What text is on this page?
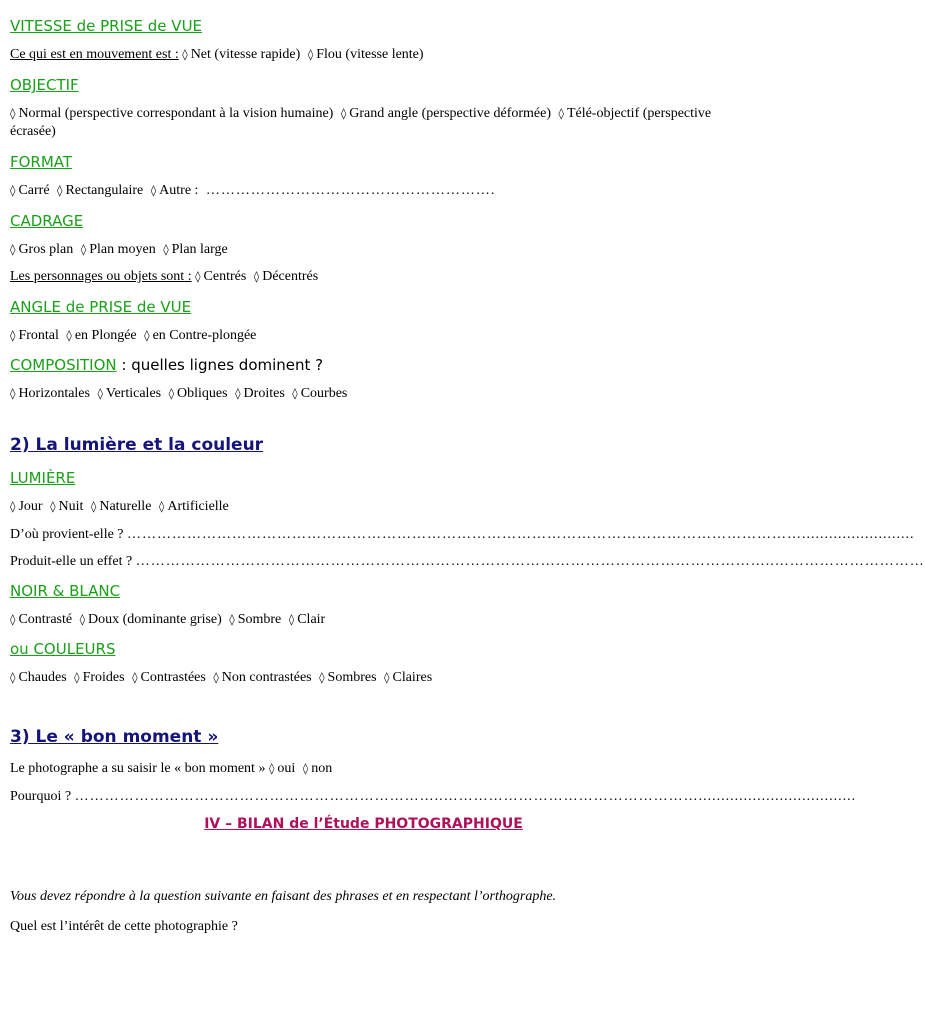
VITESSE de PRISE de VUE
Ce qui est en mouvement est : ◊ Net (vitesse rapide) ◊ Flou (vitesse lente)
OBJECTIF
◊ Normal (perspective correspondant à la vision humaine) ◊ Grand angle (perspective déformée) ◊ Télé-objectif (perspective
écrasée)
FORMAT
◊ Carré ◊ Rectangulaire ◊ Autre : ………………………………………………….
CADRAGE
◊ Gros plan ◊ Plan moyen ◊ Plan large
Les personnages ou objets sont : ◊ Centrés ◊ Décentrés
ANGLE de PRISE de VUE
◊ Frontal ◊ en Plongée ◊ en Contre-plongée
COMPOSITION : quelles lignes dominent ?
◊ Horizontales ◊ Verticales ◊ Obliques ◊ Droites ◊ Courbes
2) La lumière et la couleur
LUMIÈRE
◊ Jour ◊ Nuit ◊ Naturelle ◊ Artificielle
D’où provient-elle ? ……………………………………………………………………………………………………………………….........................
Produit-elle un effet ? ………………………………………………………………………………………………………………..…………………………
NOIR & BLANC
◊ Contrasté ◊ Doux (dominante grise) ◊ Sombre ◊ Clair
ou COULEURS
◊ Chaudes ◊ Froides ◊ Contrastées ◊ Non contrastées ◊ Sombres ◊ Claires
3) Le « bon moment »
Le photographe a su saisir le « bon moment » ◊ oui ◊ non
Pourquoi ? ………………………………………………………………..……………………………………………...................................
IV – BILAN de l’Étude PHOTOGRAPHIQUE
Vous devez répondre à la question suivante en faisant des phrases et en respectant l’orthographe.
Quel est l’intérêt de cette photographie ?
